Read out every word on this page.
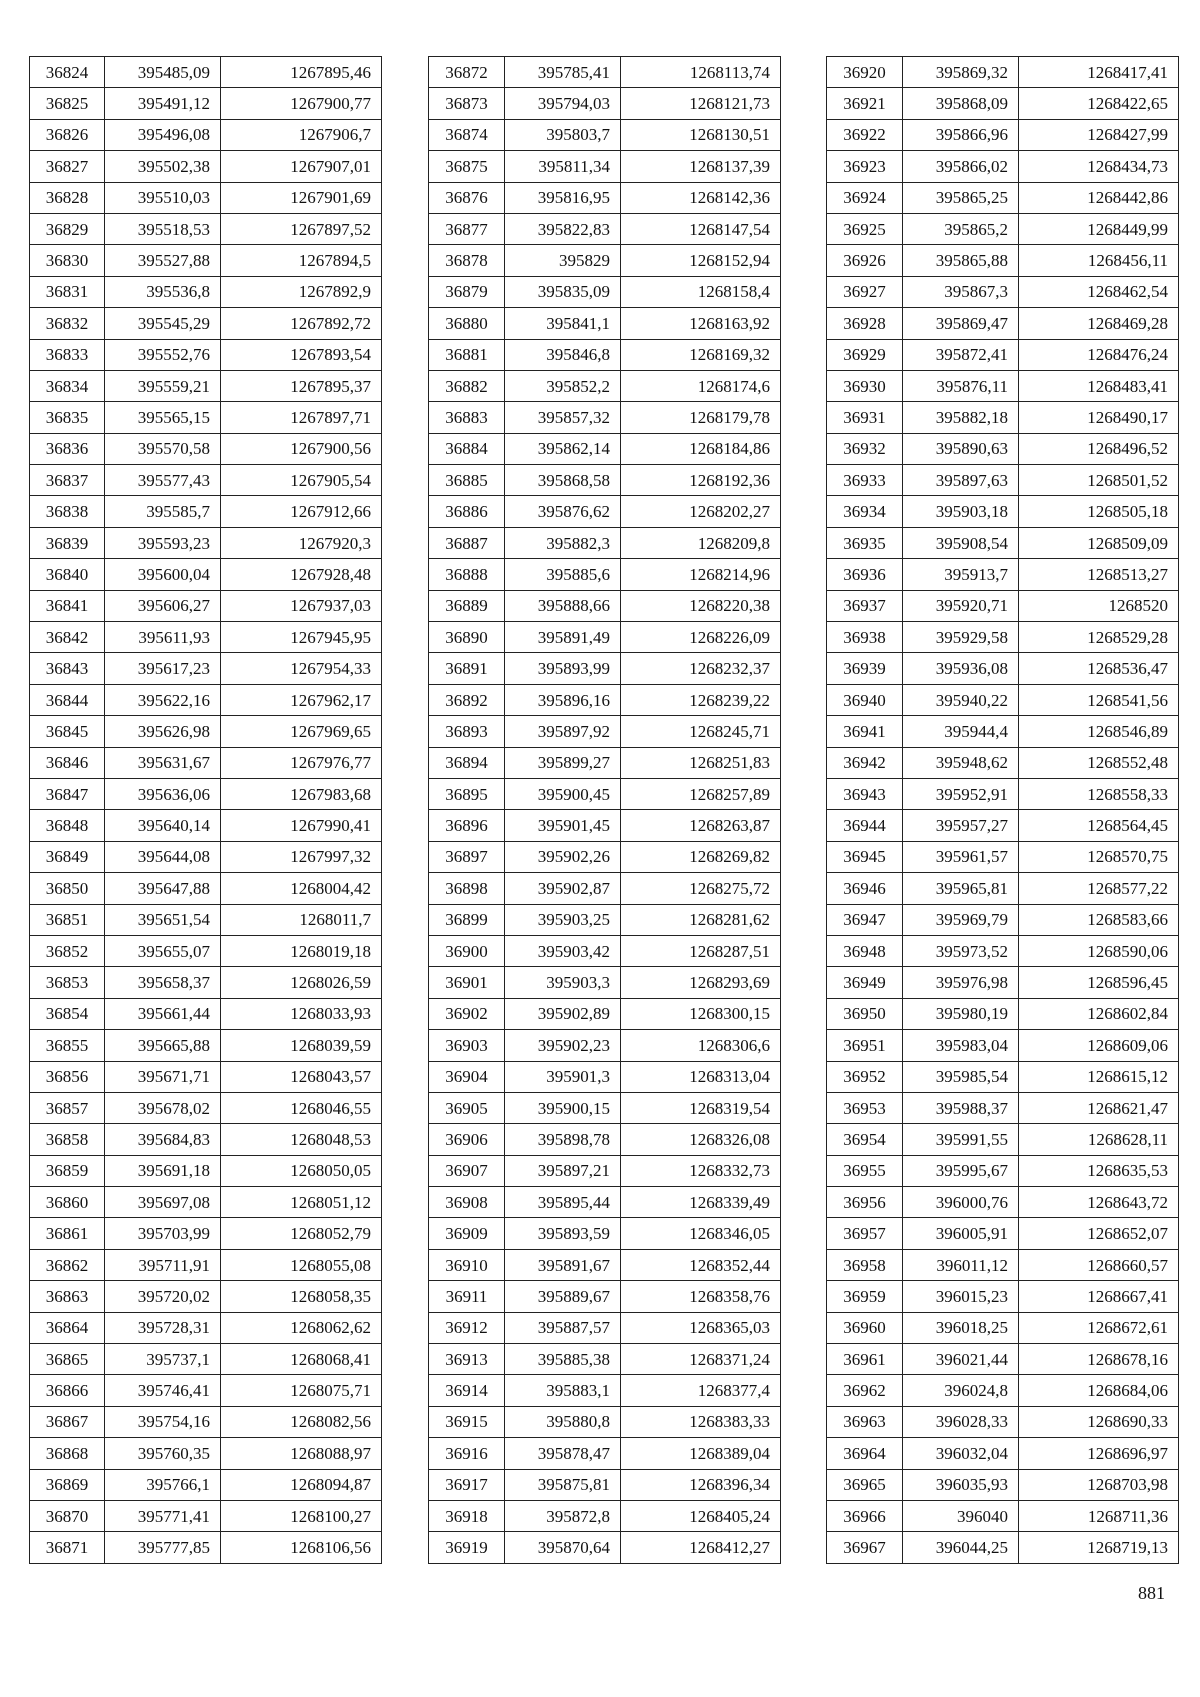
36824	395485,09	1267895,46
36825	395491,12	1267900,77
36826	395496,08	1267906,7
36827	395502,38	1267907,01
36828	395510,03	1267901,69
36829	395518,53	1267897,52
36830	395527,88	1267894,5
36831	395536,8	1267892,9
36832	395545,29	1267892,72
36833	395552,76	1267893,54
36834	395559,21	1267895,37
36835	395565,15	1267897,71
36836	395570,58	1267900,56
36837	395577,43	1267905,54
36838	395585,7	1267912,66
36839	395593,23	1267920,3
36840	395600,04	1267928,48
36841	395606,27	1267937,03
36842	395611,93	1267945,95
36843	395617,23	1267954,33
36844	395622,16	1267962,17
36845	395626,98	1267969,65
36846	395631,67	1267976,77
36847	395636,06	1267983,68
36848	395640,14	1267990,41
36849	395644,08	1267997,32
36850	395647,88	1268004,42
36851	395651,54	1268011,7
36852	395655,07	1268019,18
36853	395658,37	1268026,59
36854	395661,44	1268033,93
36855	395665,88	1268039,59
36856	395671,71	1268043,57
36857	395678,02	1268046,55
36858	395684,83	1268048,53
36859	395691,18	1268050,05
36860	395697,08	1268051,12
36861	395703,99	1268052,79
36862	395711,91	1268055,08
36863	395720,02	1268058,35
36864	395728,31	1268062,62
36865	395737,1	1268068,41
36866	395746,41	1268075,71
36867	395754,16	1268082,56
36868	395760,35	1268088,97
36869	395766,1	1268094,87
36870	395771,41	1268100,27
36871	395777,85	1268106,56
36872	395785,41	1268113,74
36873	395794,03	1268121,73
36874	395803,7	1268130,51
36875	395811,34	1268137,39
36876	395816,95	1268142,36
36877	395822,83	1268147,54
36878	395829	1268152,94
36879	395835,09	1268158,4
36880	395841,1	1268163,92
36881	395846,8	1268169,32
36882	395852,2	1268174,6
36883	395857,32	1268179,78
36884	395862,14	1268184,86
36885	395868,58	1268192,36
36886	395876,62	1268202,27
36887	395882,3	1268209,8
36888	395885,6	1268214,96
36889	395888,66	1268220,38
36890	395891,49	1268226,09
36891	395893,99	1268232,37
36892	395896,16	1268239,22
36893	395897,92	1268245,71
36894	395899,27	1268251,83
36895	395900,45	1268257,89
36896	395901,45	1268263,87
36897	395902,26	1268269,82
36898	395902,87	1268275,72
36899	395903,25	1268281,62
36900	395903,42	1268287,51
36901	395903,3	1268293,69
36902	395902,89	1268300,15
36903	395902,23	1268306,6
36904	395901,3	1268313,04
36905	395900,15	1268319,54
36906	395898,78	1268326,08
36907	395897,21	1268332,73
36908	395895,44	1268339,49
36909	395893,59	1268346,05
36910	395891,67	1268352,44
36911	395889,67	1268358,76
36912	395887,57	1268365,03
36913	395885,38	1268371,24
36914	395883,1	1268377,4
36915	395880,8	1268383,33
36916	395878,47	1268389,04
36917	395875,81	1268396,34
36918	395872,8	1268405,24
36919	395870,64	1268412,27
36920	395869,32	1268417,41
36921	395868,09	1268422,65
36922	395866,96	1268427,99
36923	395866,02	1268434,73
36924	395865,25	1268442,86
36925	395865,2	1268449,99
36926	395865,88	1268456,11
36927	395867,3	1268462,54
36928	395869,47	1268469,28
36929	395872,41	1268476,24
36930	395876,11	1268483,41
36931	395882,18	1268490,17
36932	395890,63	1268496,52
36933	395897,63	1268501,52
36934	395903,18	1268505,18
36935	395908,54	1268509,09
36936	395913,7	1268513,27
36937	395920,71	1268520
36938	395929,58	1268529,28
36939	395936,08	1268536,47
36940	395940,22	1268541,56
36941	395944,4	1268546,89
36942	395948,62	1268552,48
36943	395952,91	1268558,33
36944	395957,27	1268564,45
36945	395961,57	1268570,75
36946	395965,81	1268577,22
36947	395969,79	1268583,66
36948	395973,52	1268590,06
36949	395976,98	1268596,45
36950	395980,19	1268602,84
36951	395983,04	1268609,06
36952	395985,54	1268615,12
36953	395988,37	1268621,47
36954	395991,55	1268628,11
36955	395995,67	1268635,53
36956	396000,76	1268643,72
36957	396005,91	1268652,07
36958	396011,12	1268660,57
36959	396015,23	1268667,41
36960	396018,25	1268672,61
36961	396021,44	1268678,16
36962	396024,8	1268684,06
36963	396028,33	1268690,33
36964	396032,04	1268696,97
36965	396035,93	1268703,98
36966	396040	1268711,36
36967	396044,25	1268719,13
881
